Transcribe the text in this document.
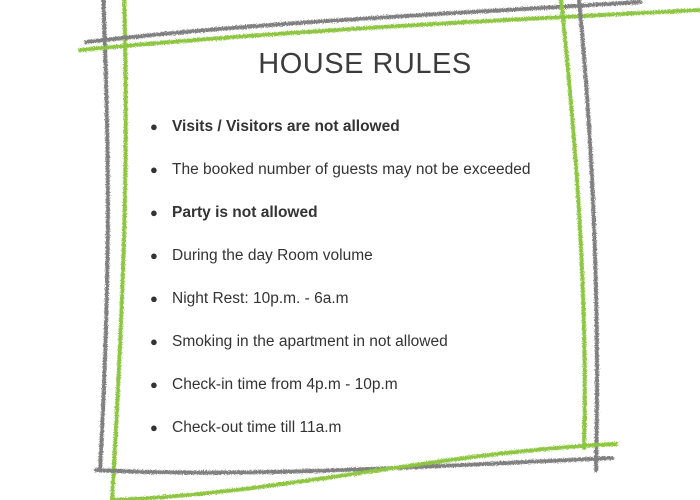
HOUSE RULES
● Visits / Visitors are not allowed
● The booked number of guests may not be exceeded
● Party is not allowed
● During the day Room volume
● Night Rest: 10p.m. - 6a.m
● Smoking in the apartment in not allowed
● Check-in time from 4p.m - 10p.m
● Check-out time till 11a.m
